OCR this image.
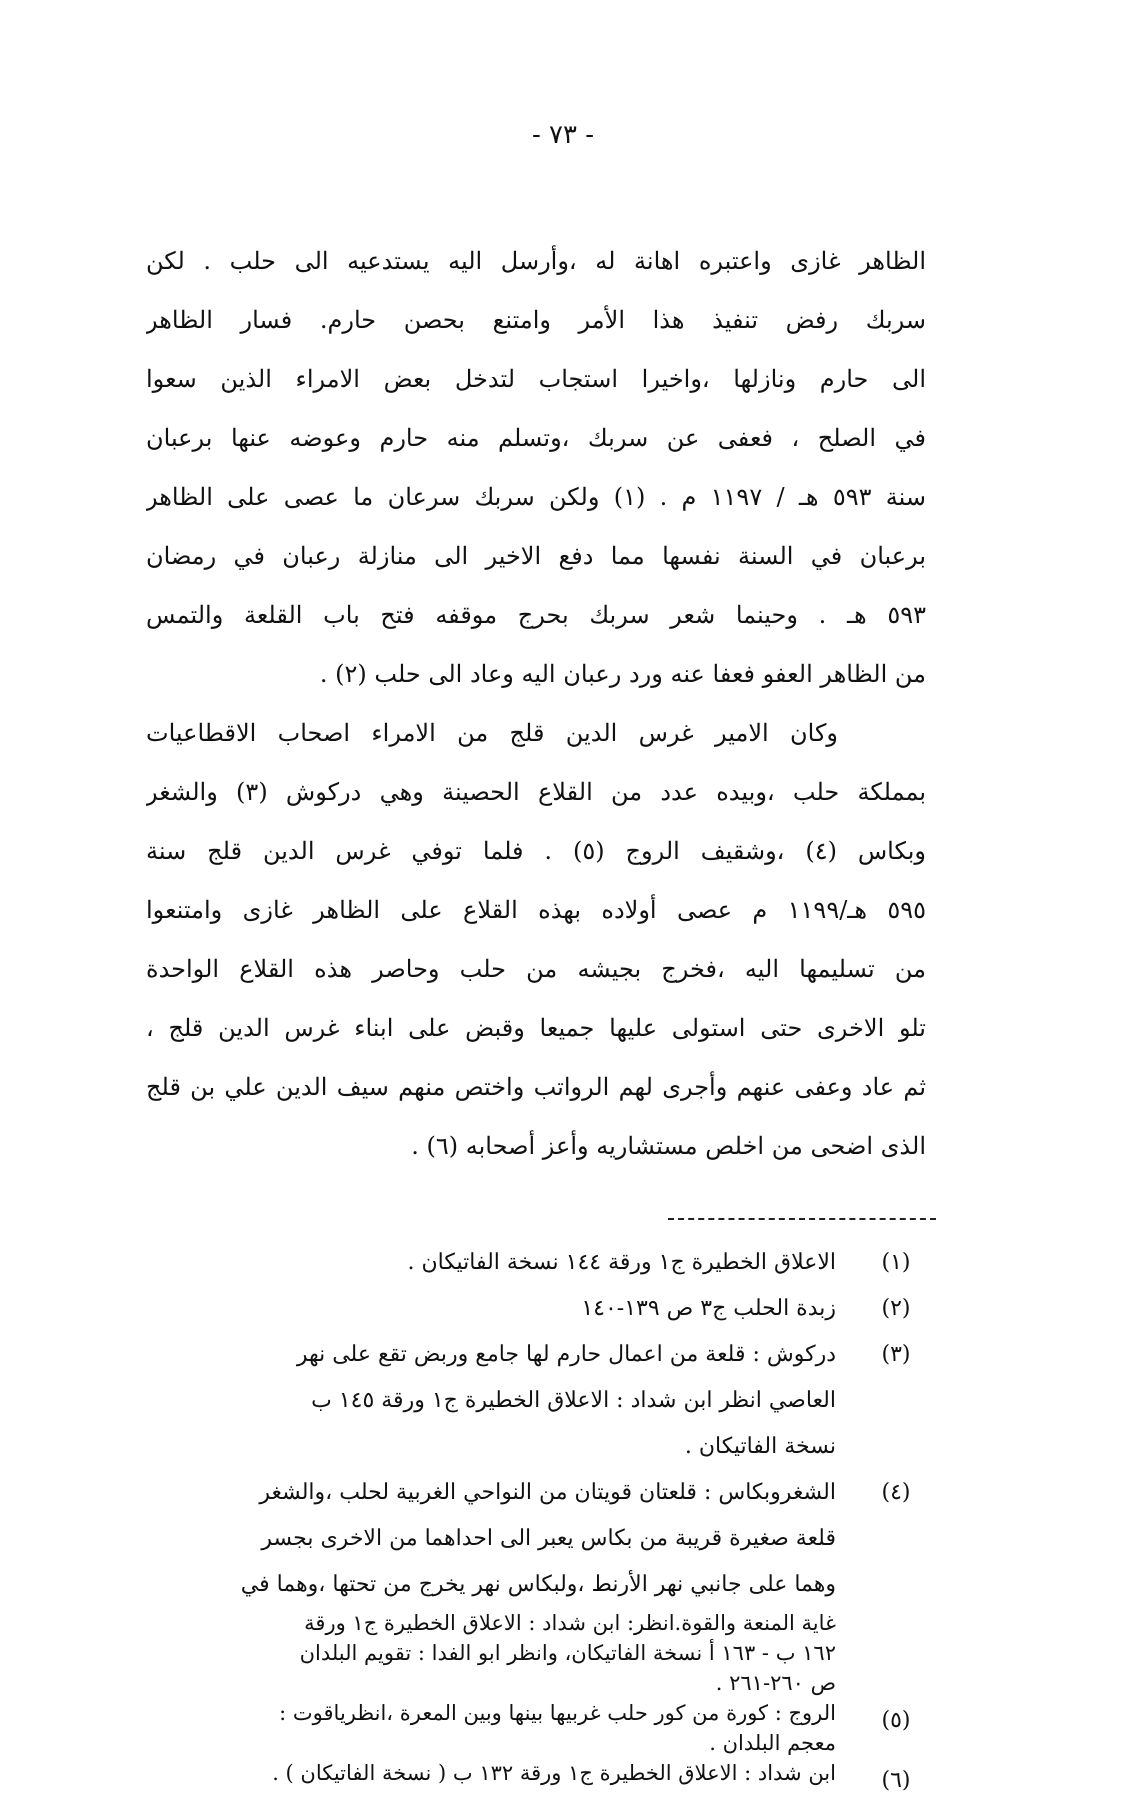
- ٧٣ -
الظاهر غازى واعتبره اهانة له ،وأرسل اليه يستدعيه الى حلب . لكن
سربك رفض تنفيذ هذا الأمر وامتنع بحصن حارم. فسار الظاهر
الى حارم ونازلها ،واخيرا استجاب لتدخل بعض الامراء الذين سعوا
في الصلح ، فعفى عن سربك ،وتسلم منه حارم وعوضه عنها برعبان
سنة ٥٩٣ هـ / ١١٩٧ م . (١) ولكن سربك سرعان ما عصى على الظاهر
برعبان في السنة نفسها مما دفع الاخير الى منازلة رعبان في رمضان
٥٩٣ هـ . وحينما شعر سربك بحرج موقفه فتح باب القلعة والتمس
من الظاهر العفو فعفا عنه ورد رعبان اليه وعاد الى حلب (٢) .
وكان الامير غرس الدين قلج من الامراء اصحاب الاقطاعيات
بمملكة حلب ،وبيده عدد من القلاع الحصينة وهي دركوش (٣) والشغر
وبكاس (٤) ،وشقيف الروج (٥) . فلما توفي غرس الدين قلج سنة
٥٩٥ هـ/١١٩٩ م عصى أولاده بهذه القلاع على الظاهر غازى وامتنعوا
من تسليمها اليه ،فخرج بجيشه من حلب وحاصر هذه القلاع الواحدة
تلو الاخرى حتى استولى عليها جميعا وقبض على ابناء غرس الدين قلج ،
ثم عاد وعفى عنهم وأجرى لهم الرواتب واختص منهم سيف الدين علي بن قلج
الذى اضحى من اخلص مستشاريه وأعز أصحابه (٦) .
(١)
الاعلاق الخطيرة ج١ ورقة ١٤٤ نسخة الفاتيكان .
(٢)
زبدة الحلب ج٣ ص ١٣٩-١٤٠
(٣)
دركوش : قلعة من اعمال حارم لها جامع وربض تقع على نهر
العاصي انظر ابن شداد : الاعلاق الخطيرة ج١ ورقة ١٤٥ ب
نسخة الفاتيكان .
(٤)
الشغروبكاس : قلعتان قويتان من النواحي الغربية لحلب ،والشغر
قلعة صغيرة قريبة من بكاس يعبر الى احداهما من الاخرى بجسر
وهما على جانبي نهر الأرنط ،ولبكاس نهر يخرج من تحتها ،وهما في
غاية المنعة والقوة.انظر: ابن شداد : الاعلاق الخطيرة ج١ ورقة
١٦٢ ب - ١٦٣ أ نسخة الفاتيكان، وانظر ابو الفدا : تقويم البلدان
ص ٢٦٠-٢٦١ .
(٥)
الروج : كورة من كور حلب غربيها بينها وبين المعرة ،انظرياقوت :
معجم البلدان .
(٦)
ابن شداد : الاعلاق الخطيرة ج١ ورقة ١٣٢ ب ( نسخة الفاتيكان ) .
